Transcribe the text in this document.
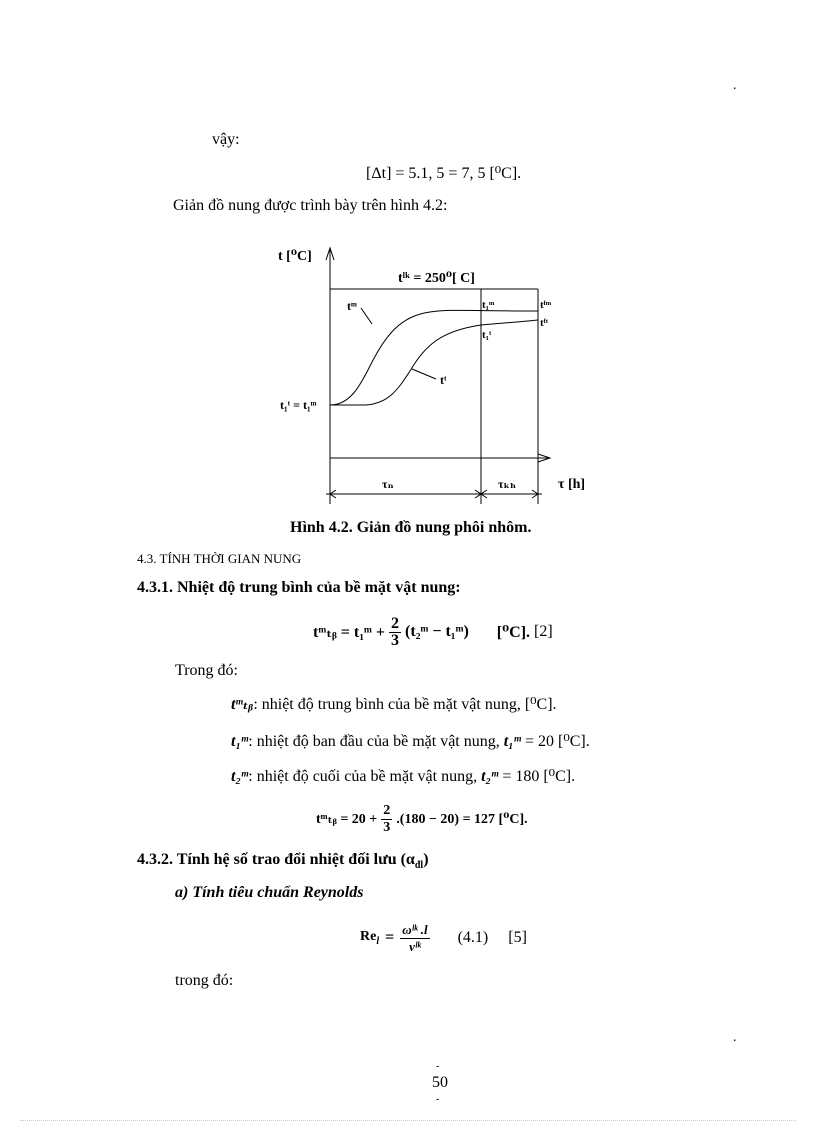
.
vậy:
[Δt] = 5.1, 5 = 7, 5 [⁰C].
Giản đồ nung được trình bày trên hình 4.2:
t [⁰C]
tˡᵏ = 250⁰[ C]
tᵐ
tᵗ
t₁ᵗ = t₁ᵐ
t₁ᵐ
t₁ᵗ
tᶠᵐ
tᶠᵗ
τ [h]
τₙ	τₖₕ
Hình 4.2. Giản đồ nung phôi nhôm.
4.3. TÍNH THỜI GIAN NUNG
4.3.1. Nhiệt độ trung bình của bề mặt vật nung:
tᵐₜᵦ = t₁ᵐ + $\frac{2}{3}$ (t₂ᵐ − t₁ᵐ) [⁰C]. [2]
Trong đó:
tᵐₜᵦ: nhiệt độ trung bình của bề mặt vật nung, [⁰C].
t₁ᵐ: nhiệt độ ban đầu của bề mặt vật nung, t₁ᵐ = 20 [⁰C].
t₂ᵐ: nhiệt độ cuối của bề mặt vật nung, t₂ᵐ = 180 [⁰C].
tᵐₜᵦ = $20 + \frac{2}{3} .(180 - 20) = 127$ [⁰C].
4.3.2. Tính hệ số trao đổi nhiệt đối lưu $(\alpha_{đl})$
a) Tính tiêu chuẩn Reynolds
$Re_l = \frac{\text{ωˡᵏ .l}}{\text{νˡᵏ}} (4.1)$ [5]
trong đó:
.
-
50
-
